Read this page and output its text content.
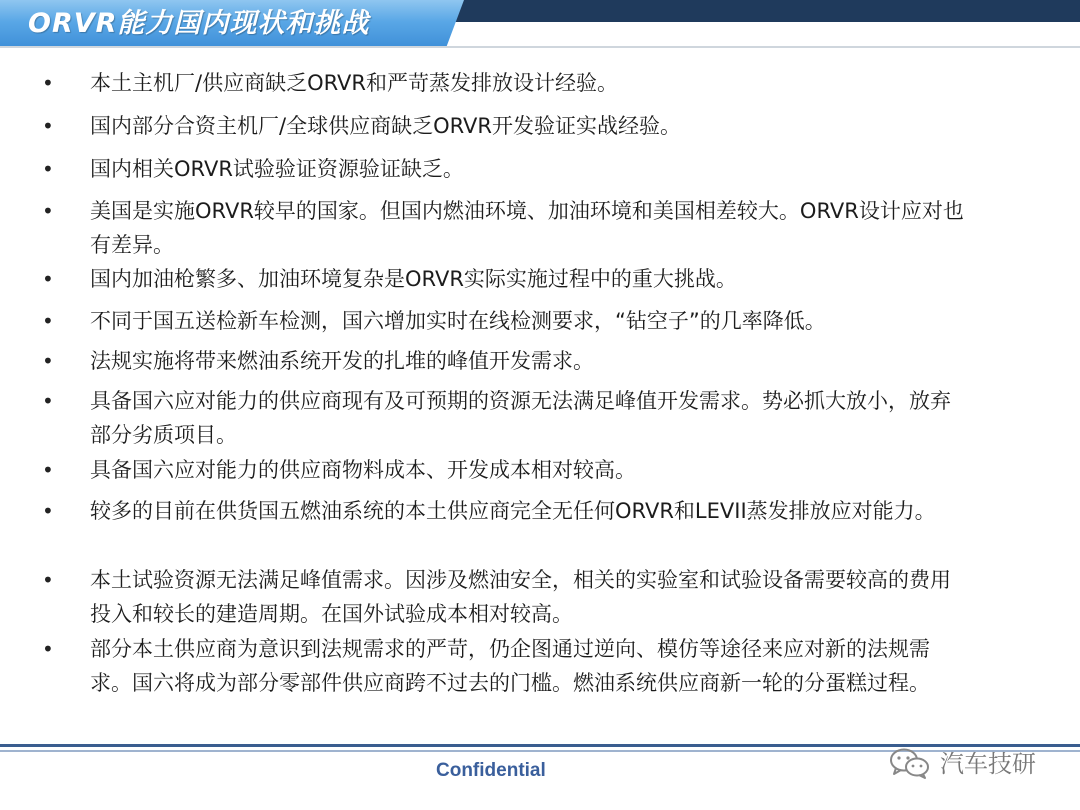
ORVR能力国内现状和挑战
• 本土主机厂/供应商缺乏ORVR和严苛蒸发排放设计经验。
• 国内部分合资主机厂/全球供应商缺乏ORVR开发验证实战经验。
• 国内相关ORVR试验验证资源验证缺乏。
• 美国是实施ORVR较早的国家。但国内燃油环境、加油环境和美国相差较大。ORVR设计应对也有差异。
• 国内加油枪繁多、加油环境复杂是ORVR实际实施过程中的重大挑战。
• 不同于国五送检新车检测，国六增加实时在线检测要求，“钻空子”的几率降低。
• 法规实施将带来燃油系统开发的扎堆的峰值开发需求。
• 具备国六应对能力的供应商现有及可预期的资源无法满足峰值开发需求。势必抓大放小，放弃部分劣质项目。
• 具备国六应对能力的供应商物料成本、开发成本相对较高。
• 较多的目前在供货国五燃油系统的本土供应商完全无任何ORVR和LEVII蒸发排放应对能力。
• 本土试验资源无法满足峰值需求。因涉及燃油安全，相关的实验室和试验设备需要较高的费用投入和较长的建造周期。在国外试验成本相对较高。
• 部分本土供应商为意识到法规需求的严苛，仍企图通过逆向、模仿等途径来应对新的法规需求。国六将成为部分零部件供应商跨不过去的门槛。燃油系统供应商新一轮的分蛋糕过程。
Confidential	汽车技研
